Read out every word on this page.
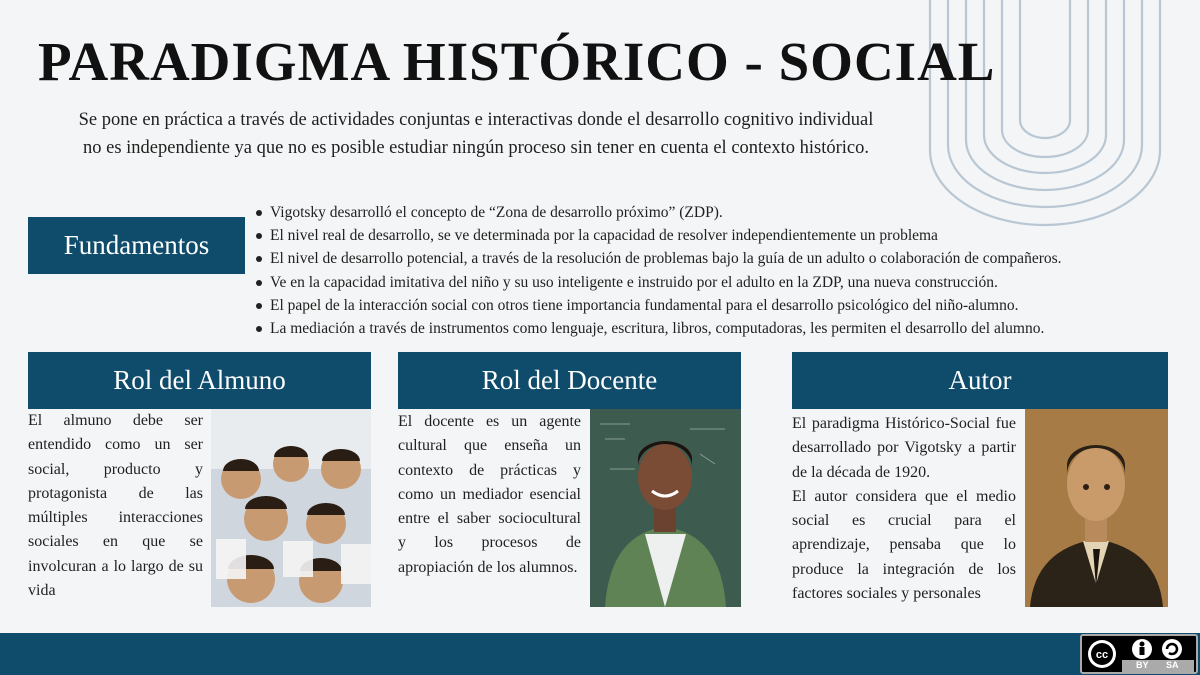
PARADIGMA HISTÓRICO - SOCIAL

Se pone en práctica a través de actividades conjuntas e interactivas donde el desarrollo cognitivo individual no es independiente ya que no es posible estudiar ningún proceso sin tener en cuenta el contexto histórico.

Fundamentos
Vigotsky desarrolló el concepto de “Zona de desarrollo próximo” (ZDP).
El nivel real de desarrollo, se ve determinada por la capacidad de resolver independientemente un problema
El nivel de desarrollo potencial, a través de la resolución de problemas bajo la guía de un adulto o colaboración de compañeros.
Ve en la capacidad imitativa del niño y su uso inteligente e instruido por el adulto en la ZDP, una nueva construcción.
El papel de la interacción social con otros tiene importancia fundamental para el desarrollo psicológico del niño-alumno.
La mediación a través de instrumentos como lenguaje, escritura, libros, computadoras, les permiten el desarrollo del alumno.
Rol del Almuno

El almuno debe ser entendido como un ser social, producto y protagonista de las múltiples interacciones sociales en que se involcuran a lo largo de su vida

Rol del Docente

El docente es un agente cultural que enseña un contexto de prácticas y como un mediador esencial entre el saber sociocultural y los procesos de apropiación de los alumnos.

Autor

El paradigma Histórico-Social fue desarrollado por Vigotsky a partir de la década de 1920.

El autor considera que el medio social es crucial para el aprendizaje, pensaba que lo produce la integración de los factores sociales y personales

cc
BY SA
